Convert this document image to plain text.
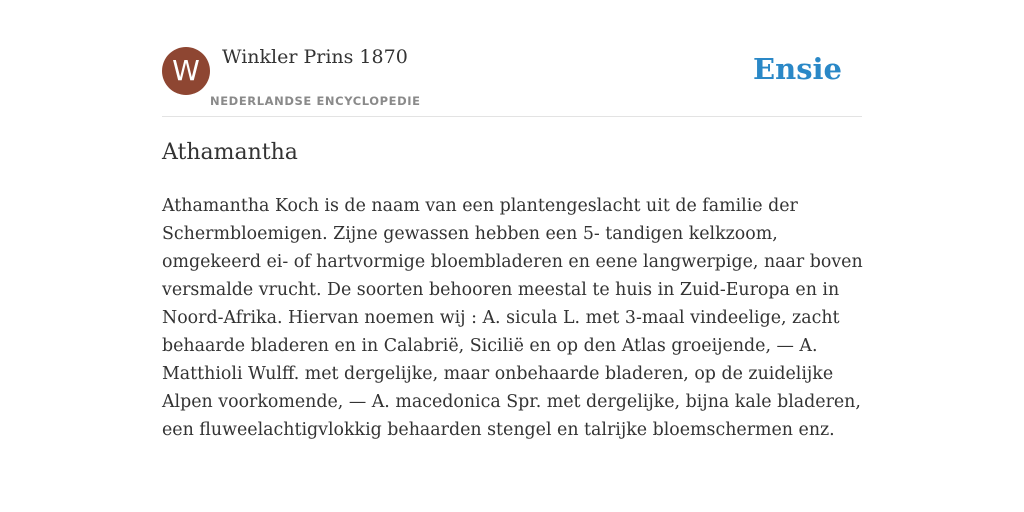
W	Winkler Prins 1870
NEDERLANDSE ENCYCLOPEDIE
Ensie
Athamantha

Athamantha Koch is de naam van een plantengeslacht uit de familie der Schermbloemigen. Zijne gewassen hebben een 5- tandigen kelkzoom, omgekeerd ei- of hartvormige bloembladeren en eene langwerpige, naar boven versmalde vrucht. De soorten behooren meestal te huis in Zuid-Europa en in Noord-Afrika. Hiervan noemen wij : A. sicula L. met 3-maal vindeelige, zacht behaarde bladeren en in Calabrië, Sicilië en op den Atlas groeijende, — A. Matthioli Wulff. met dergelijke, maar onbehaarde bladeren, op de zuidelijke Alpen voorkomende, — A. macedonica Spr. met dergelijke, bijna kale bladeren, een fluweelachtigvlokkig behaarden stengel en talrijke bloemschermen enz.
